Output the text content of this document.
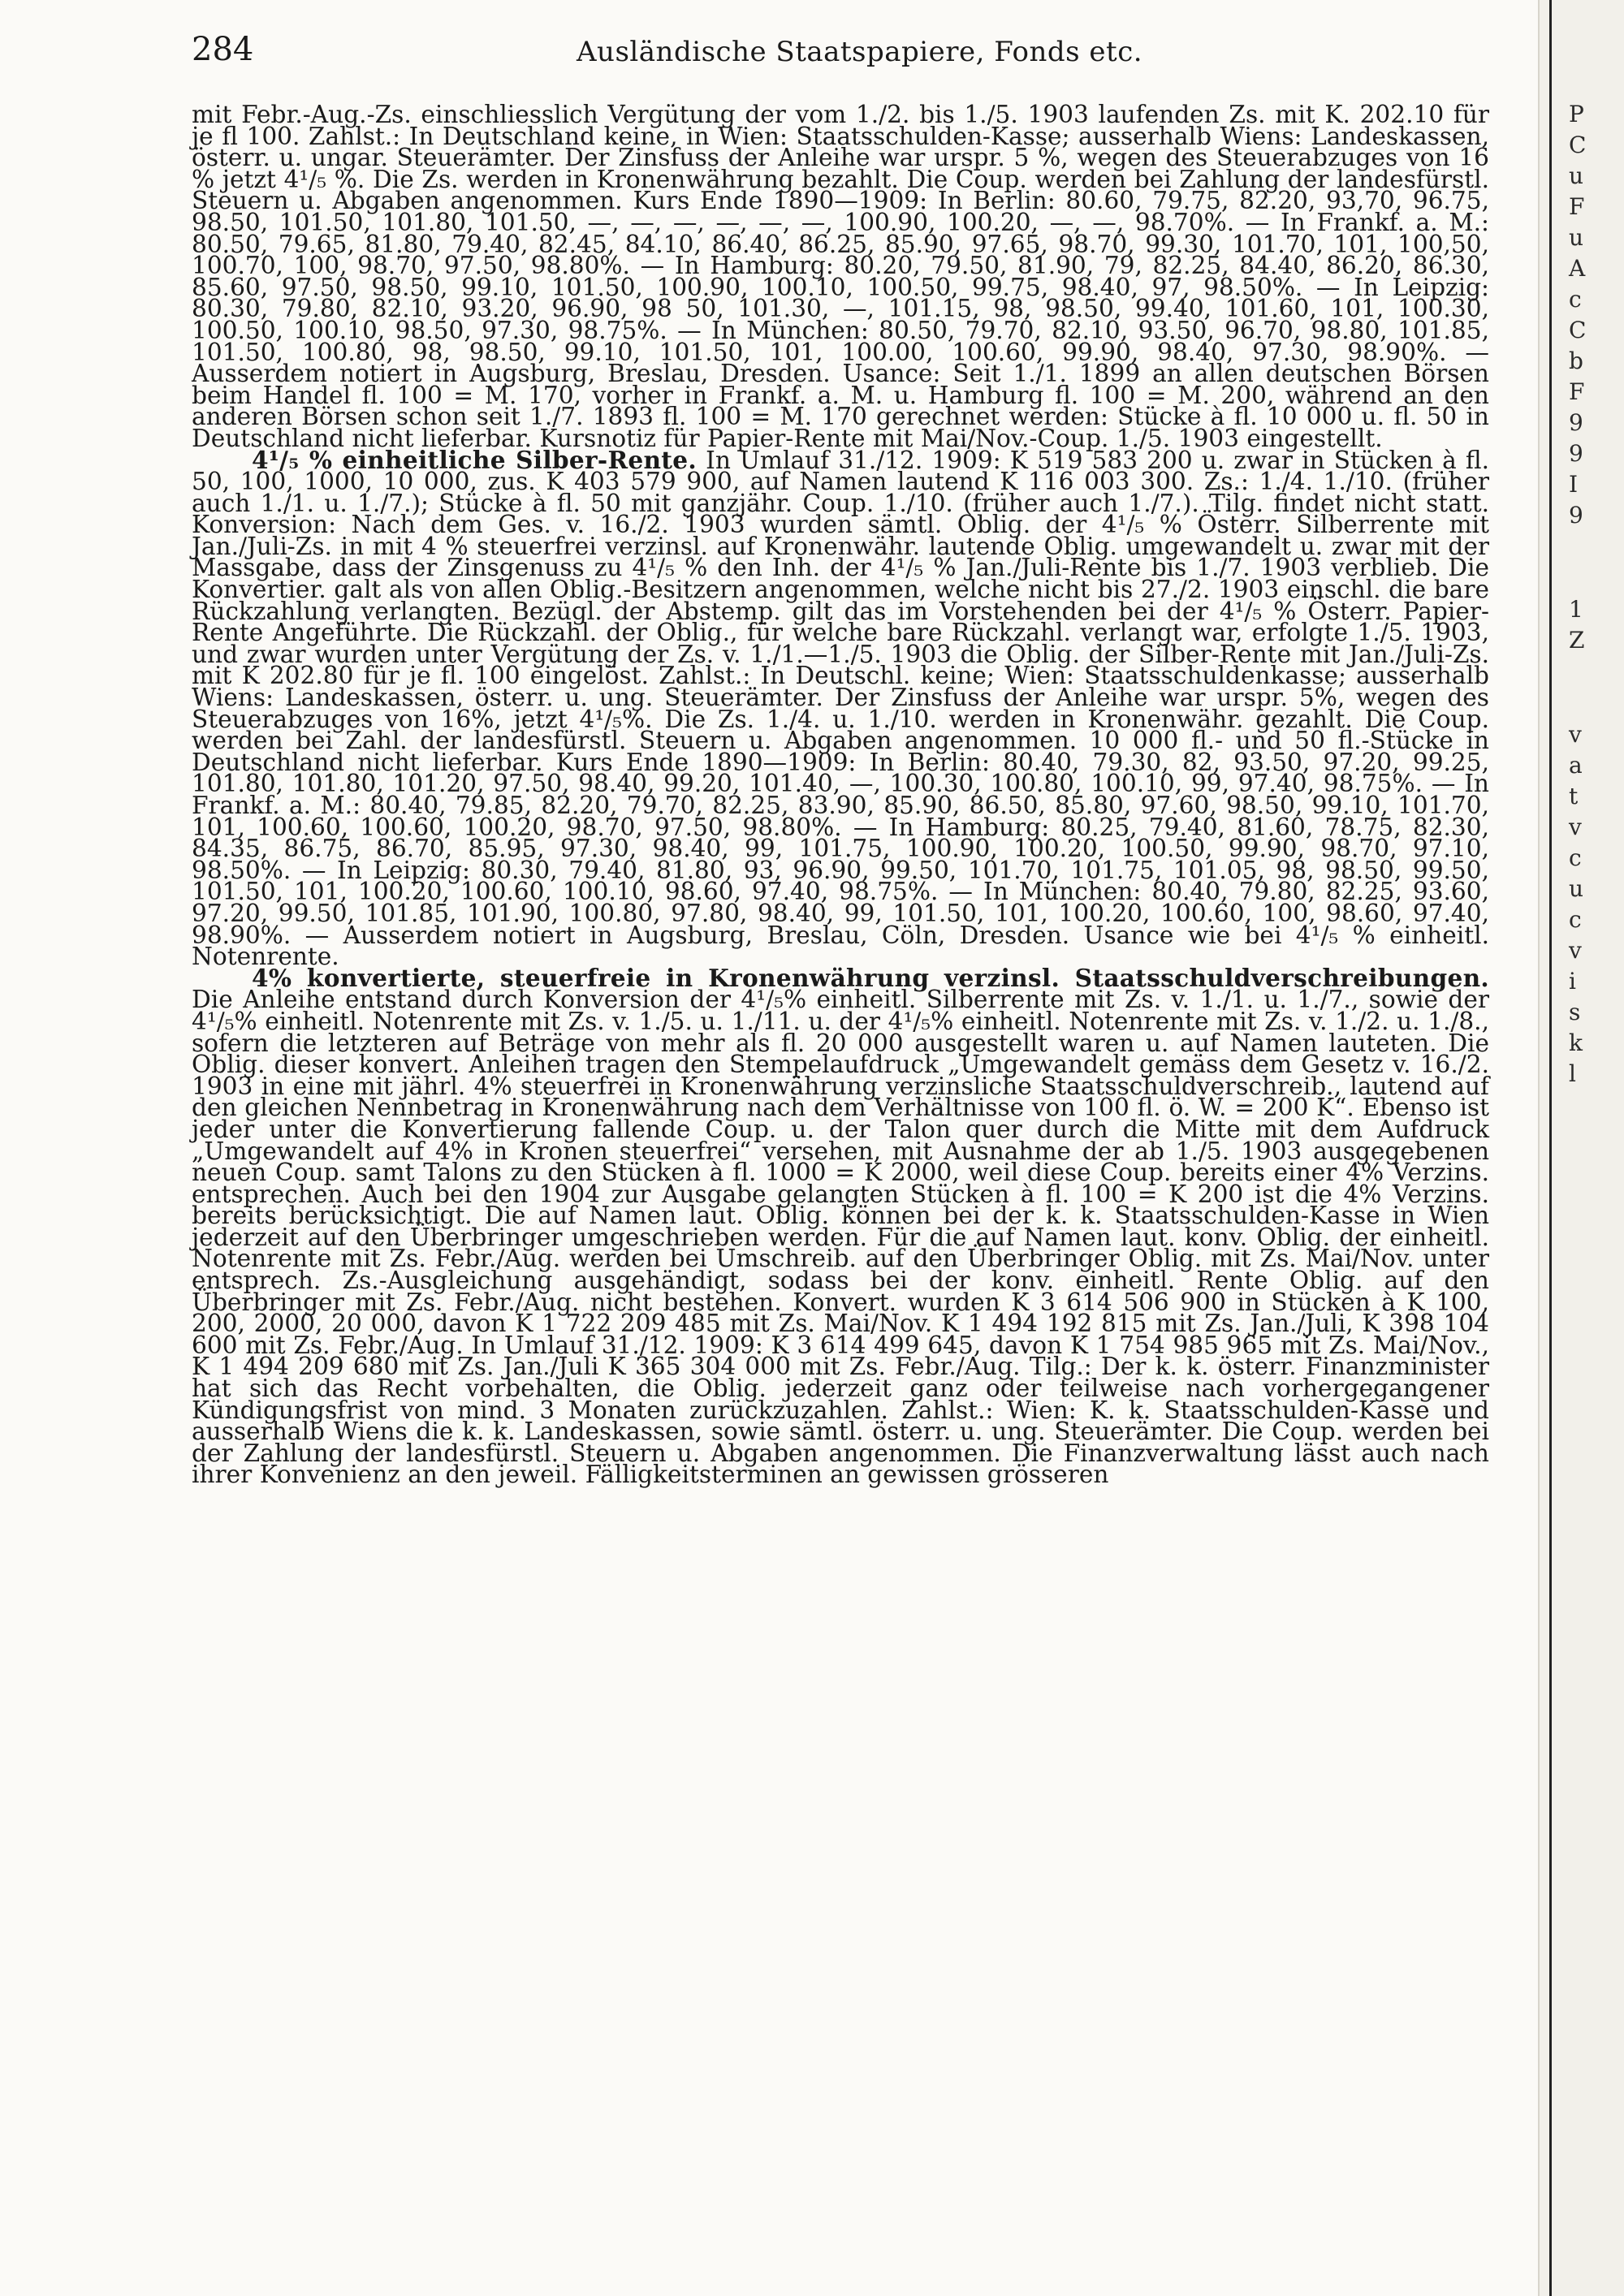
284	Ausländische Staatspapiere, Fonds etc.

mit Febr.-Aug.-Zs. einschliesslich Vergütung der vom 1./2. bis 1./5. 1903 laufenden Zs. mit K. 202.10 für je fl 100. Zahlst.: In Deutschland keine, in Wien: Staatsschulden-Kasse; ausserhalb Wiens: Landeskassen, österr. u. ungar. Steuerämter. Der Zinsfuss der Anleihe war urspr. 5 %, wegen des Steuerabzuges von 16 % jetzt 4¹/₅ %. Die Zs. werden in Kronenwährung bezahlt. Die Coup. werden bei Zahlung der landesfürstl. Steuern u. Abgaben angenommen. Kurs Ende 1890—1909: In Berlin: 80.60, 79.75, 82.20, 93,70, 96.75, 98.50, 101.50, 101.80, 101.50, —, —, —, —, —, —, 100.90, 100.20, —, —, 98.70%. — In Frankf. a. M.: 80.50, 79.65, 81.80, 79.40, 82.45, 84.10, 86.40, 86.25, 85.90, 97.65, 98.70, 99.30, 101.70, 101, 100,50, 100.70, 100, 98.70, 97.50, 98.80%. — In Hamburg: 80.20, 79.50, 81.90, 79, 82.25, 84.40, 86.20, 86.30, 85.60, 97.50, 98.50, 99.10, 101.50, 100.90, 100.10, 100.50, 99.75, 98.40, 97, 98.50%. — In Leipzig: 80.30, 79.80, 82.10, 93.20, 96.90, 98 50, 101.30, —, 101.15, 98, 98.50, 99.40, 101.60, 101, 100.30, 100.50, 100.10, 98.50, 97.30, 98.75%. — In München: 80.50, 79.70, 82.10, 93.50, 96.70, 98.80, 101.85, 101.50, 100.80, 98, 98.50, 99.10, 101.50, 101, 100.00, 100.60, 99.90, 98.40, 97.30, 98.90%. — Ausserdem notiert in Augsburg, Breslau, Dresden. Usance: Seit 1./1. 1899 an allen deutschen Börsen beim Handel fl. 100 = M. 170, vorher in Frankf. a. M. u. Hamburg fl. 100 = M. 200, während an den anderen Börsen schon seit 1./7. 1893 fl. 100 = M. 170 gerechnet werden: Stücke à fl. 10 000 u. fl. 50 in Deutschland nicht lieferbar. Kursnotiz für Papier-Rente mit Mai/Nov.-Coup. 1./5. 1903 eingestellt.

4¹/₅ % einheitliche Silber-Rente. In Umlauf 31./12. 1909: K 519 583 200 u. zwar in Stücken à fl. 50, 100, 1000, 10 000, zus. K 403 579 900, auf Namen lautend K 116 003 300. Zs.: 1./4. 1./10. (früher auch 1./1. u. 1./7.); Stücke à fl. 50 mit ganzjähr. Coup. 1./10. (früher auch 1./7.). Tilg. findet nicht statt. Konversion: Nach dem Ges. v. 16./2. 1903 wurden sämtl. Oblig. der 4¹/₅ % Österr. Silberrente mit Jan./Juli-Zs. in mit 4 % steuerfrei verzinsl. auf Kronenwähr. lautende Oblig. umgewandelt u. zwar mit der Massgabe, dass der Zinsgenuss zu 4¹/₅ % den Inh. der 4¹/₅ % Jan./Juli-Rente bis 1./7. 1903 verblieb. Die Konvertier. galt als von allen Oblig.-Besitzern angenommen, welche nicht bis 27./2. 1903 einschl. die bare Rückzahlung verlangten. Bezügl. der Abstemp. gilt das im Vorstehenden bei der 4¹/₅ % Österr. Papier-Rente Angeführte. Die Rückzahl. der Oblig., für welche bare Rückzahl. verlangt war, erfolgte 1./5. 1903, und zwar wurden unter Vergütung der Zs. v. 1./1.—1./5. 1903 die Oblig. der Silber-Rente mit Jan./Juli-Zs. mit K 202.80 für je fl. 100 eingelöst. Zahlst.: In Deutschl. keine; Wien: Staatsschuldenkasse; ausserhalb Wiens: Landeskassen, österr. u. ung. Steuerämter. Der Zinsfuss der Anleihe war urspr. 5%, wegen des Steuerabzuges von 16%, jetzt 4¹/₅%. Die Zs. 1./4. u. 1./10. werden in Kronenwähr. gezahlt. Die Coup. werden bei Zahl. der landesfürstl. Steuern u. Abgaben angenommen. 10 000 fl.- und 50 fl.-Stücke in Deutschland nicht lieferbar. Kurs Ende 1890—1909: In Berlin: 80.40, 79.30, 82, 93.50, 97.20, 99.25, 101.80, 101.80, 101.20, 97.50, 98.40, 99.20, 101.40, —, 100.30, 100.80, 100.10, 99, 97.40, 98.75%. — In Frankf. a. M.: 80.40, 79.85, 82.20, 79.70, 82.25, 83.90, 85.90, 86.50, 85.80, 97.60, 98.50, 99.10, 101.70, 101, 100.60, 100.60, 100.20, 98.70, 97.50, 98.80%. — In Hamburg: 80.25, 79.40, 81.60, 78.75, 82.30, 84.35, 86.75, 86.70, 85.95, 97.30, 98.40, 99, 101.75, 100.90, 100.20, 100.50, 99.90, 98.70, 97.10, 98.50%. — In Leipzig: 80.30, 79.40, 81.80, 93, 96.90, 99.50, 101.70, 101.75, 101.05, 98, 98.50, 99.50, 101.50, 101, 100.20, 100.60, 100.10, 98.60, 97.40, 98.75%. — In München: 80.40, 79.80, 82.25, 93.60, 97.20, 99.50, 101.85, 101.90, 100.80, 97.80, 98.40, 99, 101.50, 101, 100.20, 100.60, 100, 98.60, 97.40, 98.90%. — Ausserdem notiert in Augsburg, Breslau, Cöln, Dresden. Usance wie bei 4¹/₅ % einheitl. Notenrente.

4% konvertierte, steuerfreie in Kronenwährung verzinsl. Staatsschuldverschreibungen. Die Anleihe entstand durch Konversion der 4¹/₅% einheitl. Silberrente mit Zs. v. 1./1. u. 1./7., sowie der 4¹/₅% einheitl. Notenrente mit Zs. v. 1./5. u. 1./11. u. der 4¹/₅% einheitl. Notenrente mit Zs. v. 1./2. u. 1./8., sofern die letzteren auf Beträge von mehr als fl. 20 000 ausgestellt waren u. auf Namen lauteten. Die Oblig. dieser konvert. Anleihen tragen den Stempelaufdruck „Umgewandelt gemäss dem Gesetz v. 16./2. 1903 in eine mit jährl. 4% steuerfrei in Kronenwährung verzinsliche Staatsschuldverschreib., lautend auf den gleichen Nennbetrag in Kronenwährung nach dem Verhältnisse von 100 fl. ö. W. = 200 K“. Ebenso ist jeder unter die Konvertierung fallende Coup. u. der Talon quer durch die Mitte mit dem Aufdruck „Umgewandelt auf 4% in Kronen steuerfrei“ versehen, mit Ausnahme der ab 1./5. 1903 ausgegebenen neuen Coup. samt Talons zu den Stücken à fl. 1000 = K 2000, weil diese Coup. bereits einer 4% Verzins. entsprechen. Auch bei den 1904 zur Ausgabe gelangten Stücken à fl. 100 = K 200 ist die 4% Verzins. bereits berücksichtigt. Die auf Namen laut. Oblig. können bei der k. k. Staatsschulden-Kasse in Wien jederzeit auf den Überbringer umgeschrieben werden. Für die auf Namen laut. konv. Oblig. der einheitl. Notenrente mit Zs. Febr./Aug. werden bei Umschreib. auf den Überbringer Oblig. mit Zs. Mai/Nov. unter entsprech. Zs.-Ausgleichung ausgehändigt, sodass bei der konv. einheitl. Rente Oblig. auf den Überbringer mit Zs. Febr./Aug. nicht bestehen. Konvert. wurden K 3 614 506 900 in Stücken à K 100, 200, 2000, 20 000, davon K 1 722 209 485 mit Zs. Mai/Nov. K 1 494 192 815 mit Zs. Jan./Juli, K 398 104 600 mit Zs. Febr./Aug. In Umlauf 31./12. 1909: K 3 614 499 645, davon K 1 754 985 965 mit Zs. Mai/Nov., K 1 494 209 680 mit Zs. Jan./Juli K 365 304 000 mit Zs. Febr./Aug. Tilg.: Der k. k. österr. Finanzminister hat sich das Recht vorbehalten, die Oblig. jederzeit ganz oder teilweise nach vorhergegangener Kündigungsfrist von mind. 3 Monaten zurückzuzahlen. Zahlst.: Wien: K. k. Staatsschulden-Kasse und ausserhalb Wiens die k. k. Landeskassen, sowie sämtl. österr. u. ung. Steuerämter. Die Coup. werden bei der Zahlung der landesfürstl. Steuern u. Abgaben angenommen. Die Finanzverwaltung lässt auch nach ihrer Konvenienz an den jeweil. Fälligkeitsterminen an gewissen grösseren

P
C
u
F
u
A
c
C
b
F
9
9
I
9
1
Z
v
a
t
v
c
u
c
v
i
s
k
l
